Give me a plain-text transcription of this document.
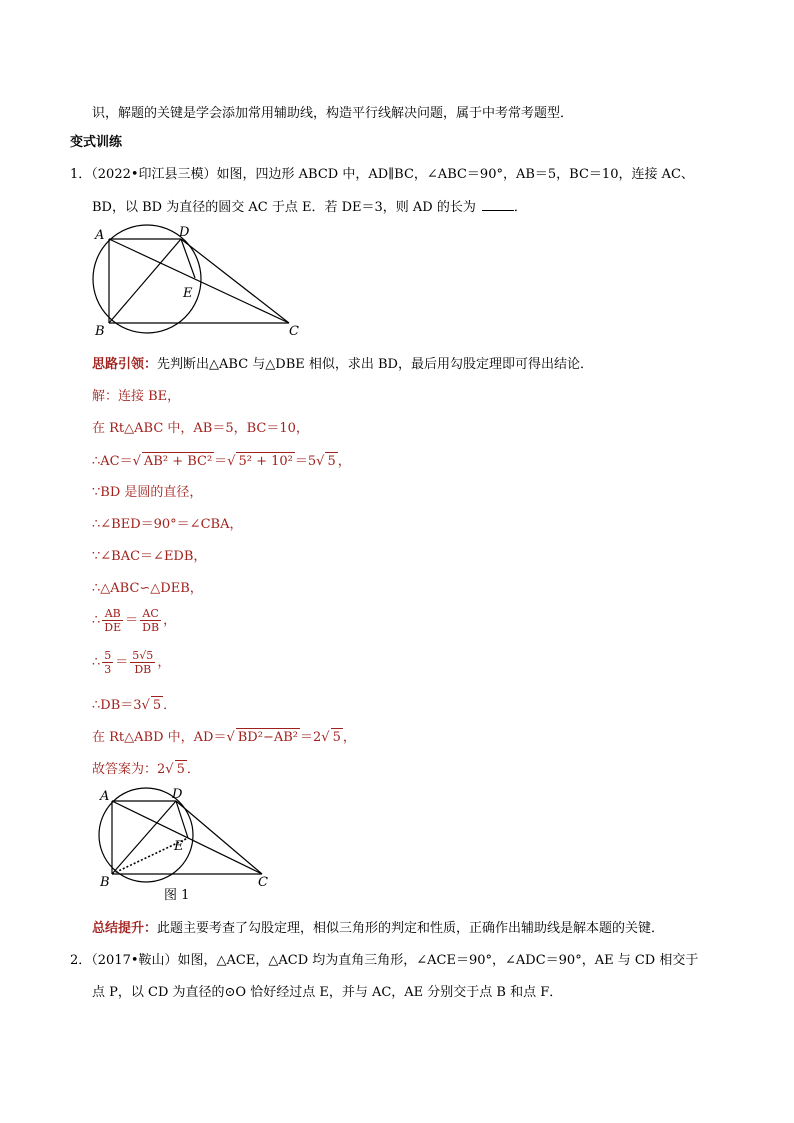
识，解题的关键是学会添加常用辅助线，构造平行线解决问题，属于中考常考题型．
变式训练
1．（2022•印江县三模）如图，四边形 ABCD 中，AD∥BC，∠ABC＝90°，AB＝5，BC＝10，连接 AC、
BD，以 BD 为直径的圆交 AC 于点 E．若 DE＝3，则 AD 的长为	．
A	D
E
B	C
思路引领：先判断出△ABC 与△DBE 相似，求出 BD，最后用勾股定理即可得出结论．
解：连接 BE，
在 Rt△ABC 中，AB＝5，BC＝10，
∴AC＝√ AB² + BC² ＝√ 5² + 10² ＝5√ 5 ，
∵BD 是圆的直径，
∴∠BED＝90°＝∠CBA，
∵∠BAC＝∠EDB，
∴△ABC∽△DEB，
∴ $\frac{AB}{DE} = \frac{AC}{DB}$ ，
∴ $\frac{5}{3} = \frac{5√5}{DB}$ ，
∴DB＝3√ 5 ．
在 Rt△ABD 中，AD＝√ BD²−AB² ＝2√ 5 ，
故答案为：2√ 5 ．
A	D
E
B	C
图 1
总结提升：此题主要考查了勾股定理，相似三角形的判定和性质，正确作出辅助线是解本题的关键．
2．（2017•鞍山）如图，△ACE，△ACD 均为直角三角形，∠ACE＝90°，∠ADC＝90°，AE 与 CD 相交于
点 P，以 CD 为直径的⊙O 恰好经过点 E，并与 AC，AE 分别交于点 B 和点 F．
